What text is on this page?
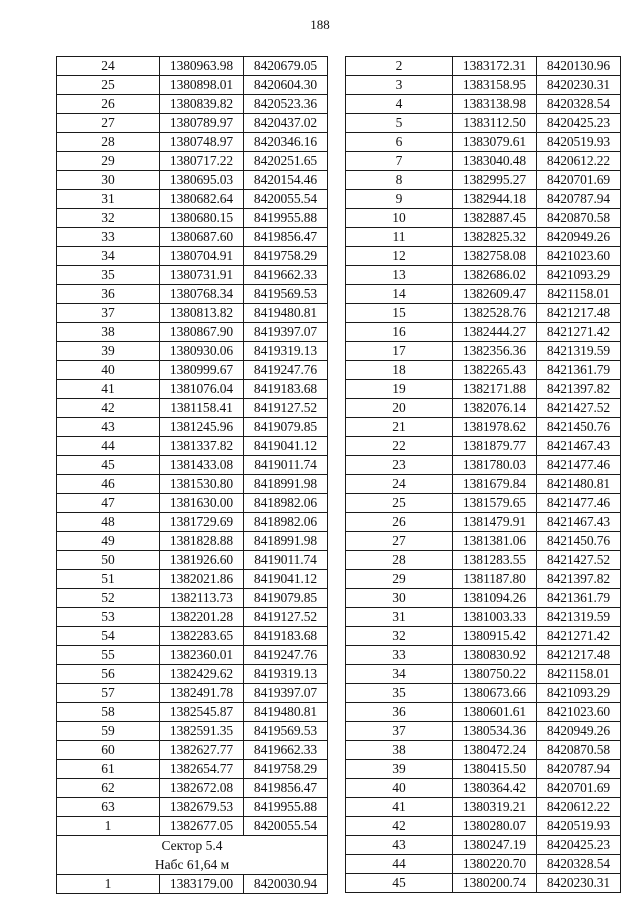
188
24	1380963.98	8420679.05
25	1380898.01	8420604.30
26	1380839.82	8420523.36
27	1380789.97	8420437.02
28	1380748.97	8420346.16
29	1380717.22	8420251.65
30	1380695.03	8420154.46
31	1380682.64	8420055.54
32	1380680.15	8419955.88
33	1380687.60	8419856.47
34	1380704.91	8419758.29
35	1380731.91	8419662.33
36	1380768.34	8419569.53
37	1380813.82	8419480.81
38	1380867.90	8419397.07
39	1380930.06	8419319.13
40	1380999.67	8419247.76
41	1381076.04	8419183.68
42	1381158.41	8419127.52
43	1381245.96	8419079.85
44	1381337.82	8419041.12
45	1381433.08	8419011.74
46	1381530.80	8418991.98
47	1381630.00	8418982.06
48	1381729.69	8418982.06
49	1381828.88	8418991.98
50	1381926.60	8419011.74
51	1382021.86	8419041.12
52	1382113.73	8419079.85
53	1382201.28	8419127.52
54	1382283.65	8419183.68
55	1382360.01	8419247.76
56	1382429.62	8419319.13
57	1382491.78	8419397.07
58	1382545.87	8419480.81
59	1382591.35	8419569.53
60	1382627.77	8419662.33
61	1382654.77	8419758.29
62	1382672.08	8419856.47
63	1382679.53	8419955.88
1	1382677.05	8420055.54
Сектор 5.4		
Набс 61,64 м		
1	1383179.00	8420030.94
2	1383172.31	8420130.96
3	1383158.95	8420230.31
4	1383138.98	8420328.54
5	1383112.50	8420425.23
6	1383079.61	8420519.93
7	1383040.48	8420612.22
8	1382995.27	8420701.69
9	1382944.18	8420787.94
10	1382887.45	8420870.58
11	1382825.32	8420949.26
12	1382758.08	8421023.60
13	1382686.02	8421093.29
14	1382609.47	8421158.01
15	1382528.76	8421217.48
16	1382444.27	8421271.42
17	1382356.36	8421319.59
18	1382265.43	8421361.79
19	1382171.88	8421397.82
20	1382076.14	8421427.52
21	1381978.62	8421450.76
22	1381879.77	8421467.43
23	1381780.03	8421477.46
24	1381679.84	8421480.81
25	1381579.65	8421477.46
26	1381479.91	8421467.43
27	1381381.06	8421450.76
28	1381283.55	8421427.52
29	1381187.80	8421397.82
30	1381094.26	8421361.79
31	1381003.33	8421319.59
32	1380915.42	8421271.42
33	1380830.92	8421217.48
34	1380750.22	8421158.01
35	1380673.66	8421093.29
36	1380601.61	8421023.60
37	1380534.36	8420949.26
38	1380472.24	8420870.58
39	1380415.50	8420787.94
40	1380364.42	8420701.69
41	1380319.21	8420612.22
42	1380280.07	8420519.93
43	1380247.19	8420425.23
44	1380220.70	8420328.54
45	1380200.74	8420230.31
